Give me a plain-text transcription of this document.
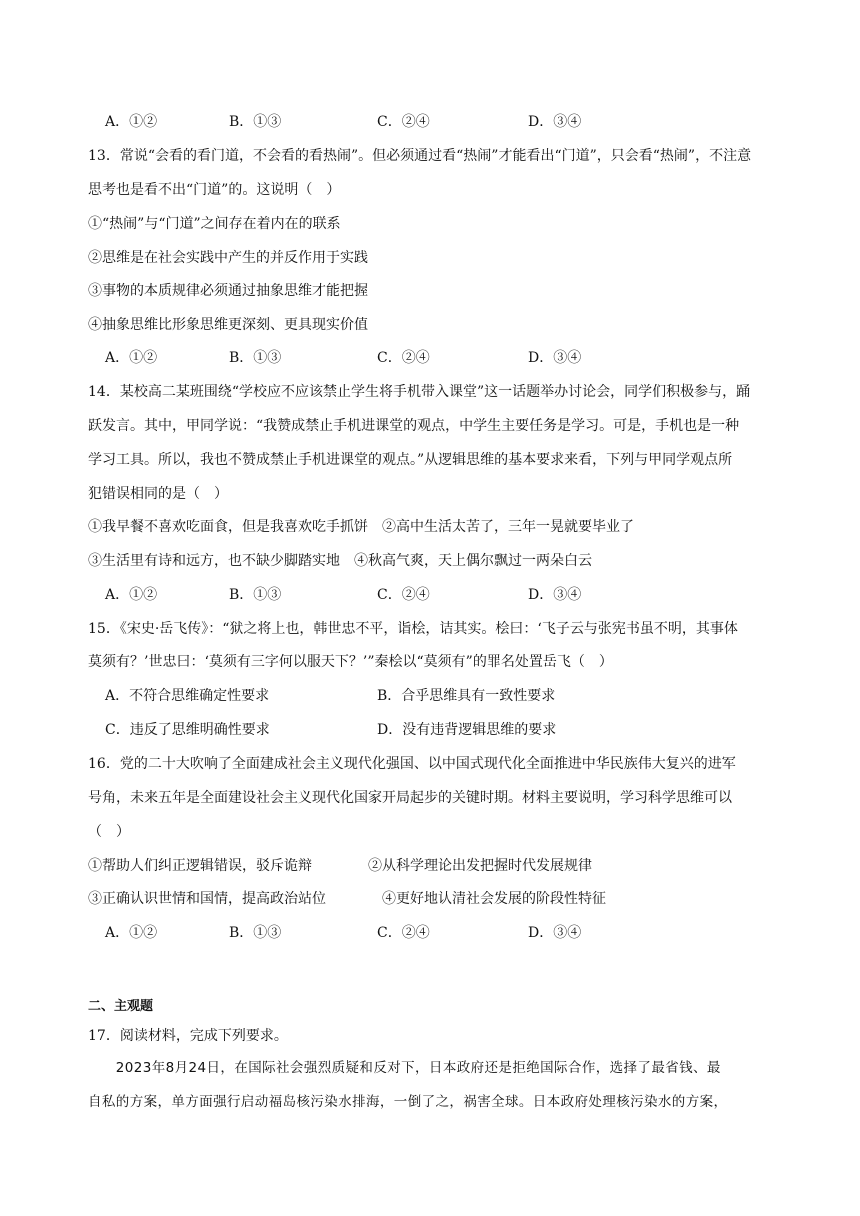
A．①②	B．①③	C．②④	D．③④
13．常说“会看的看门道，不会看的看热闹”。但必须通过看“热闹”才能看出“门道”，只会看“热闹”，不注意
思考也是看不出“门道”的。这说明（　）
①“热闹”与“门道”之间存在着内在的联系
②思维是在社会实践中产生的并反作用于实践
③事物的本质规律必须通过抽象思维才能把握
④抽象思维比形象思维更深刻、更具现实价值
A．①②	B．①③	C．②④	D．③④
14．某校高二某班围绕“学校应不应该禁止学生将手机带入课堂”这一话题举办讨论会，同学们积极参与，踊
跃发言。其中，甲同学说：“我赞成禁止手机进课堂的观点，中学生主要任务是学习。可是，手机也是一种
学习工具。所以，我也不赞成禁止手机进课堂的观点。”从逻辑思维的基本要求来看，下列与甲同学观点所
犯错误相同的是（　）
①我早餐不喜欢吃面食，但是我喜欢吃手抓饼　②高中生活太苦了，三年一晃就要毕业了
③生活里有诗和远方，也不缺少脚踏实地　④秋高气爽，天上偶尔飘过一两朵白云
A．①②	B．①③	C．②④	D．③④
15．《宋史·岳飞传》：“狱之将上也，韩世忠不平，诣桧，诘其实。桧曰：‘飞子云与张宪书虽不明，其事体
莫须有？’世忠曰：‘莫须有三字何以服天下？’”秦桧以“莫须有”的罪名处置岳飞（　）
A．不符合思维确定性要求	B．合乎思维具有一致性要求
C．违反了思维明确性要求	D．没有违背逻辑思维的要求
16．党的二十大吹响了全面建成社会主义现代化强国、以中国式现代化全面推进中华民族伟大复兴的进军
号角，未来五年是全面建设社会主义现代化国家开局起步的关键时期。材料主要说明，学习科学思维可以
（　）
①帮助人们纠正逻辑错误，驳斥诡辩　　　　②从科学理论出发把握时代发展规律
③正确认识世情和国情，提高政治站位　　　　④更好地认清社会发展的阶段性特征
A．①②	B．①③	C．②④	D．③④
二、主观题
17．阅读材料，完成下列要求。
　　2023年8月24日，在国际社会强烈质疑和反对下，日本政府还是拒绝国际合作，选择了最省钱、最
自私的方案，单方面强行启动福岛核污染水排海，一倒了之，祸害全球。日本政府处理核污染水的方案，
